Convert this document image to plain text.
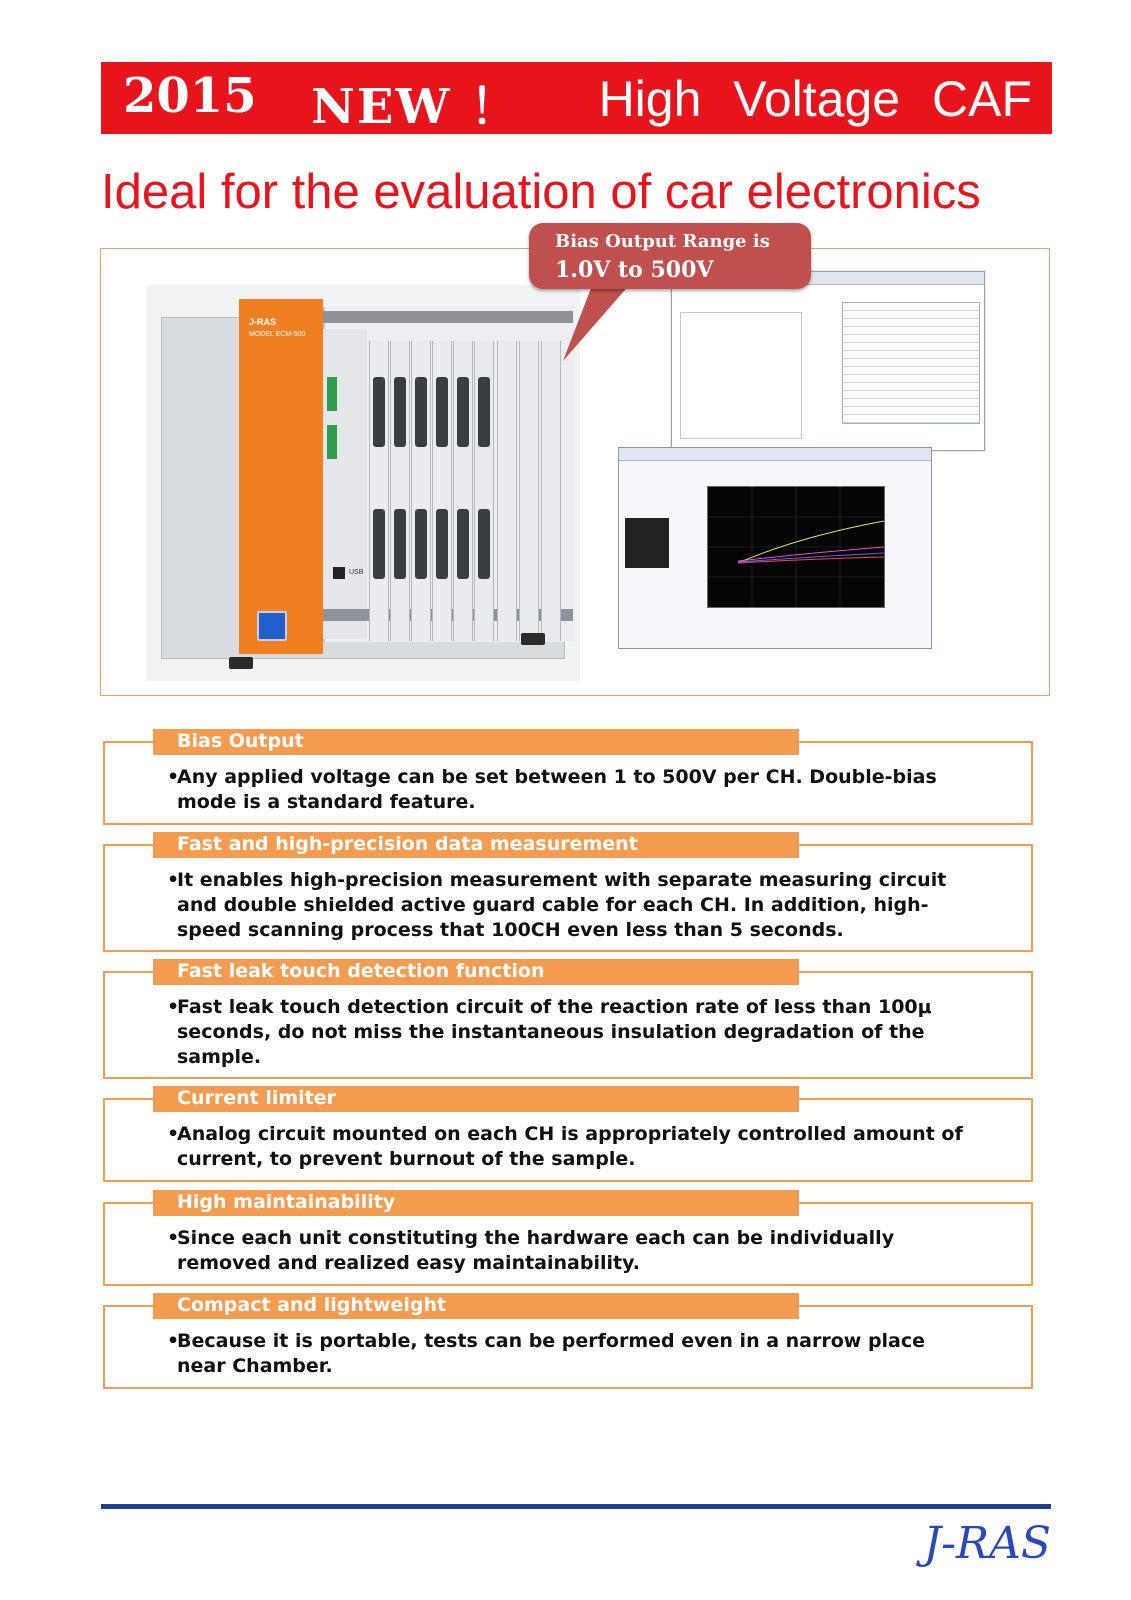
2015 NEW ！ High Voltage CAF
Ideal for the evaluation of car electronics
J-RAS
MODEL ECM-500
USB
Bias Output Range is
1.0V to 500V
Bias Output
•
Any applied voltage can be set between 1 to 500V per CH. Double-bias mode is a standard feature.
Fast and high-precision data measurement
•
It enables high-precision measurement with separate measuring circuit and double shielded active guard cable for each CH. In addition, high-speed scanning process that 100CH even less than 5 seconds.
Fast leak touch detection function
•
Fast leak touch detection circuit of the reaction rate of less than 100μ seconds, do not miss the instantaneous insulation degradation of the sample.
Current limiter
•
Analog circuit mounted on each CH is appropriately controlled amount of current, to prevent burnout of the sample.
High maintainability
•
Since each unit constituting the hardware each can be individually removed and realized easy maintainability.
Compact and lightweight
•
Because it is portable, tests can be performed even in a narrow place near Chamber.
J-RAS
